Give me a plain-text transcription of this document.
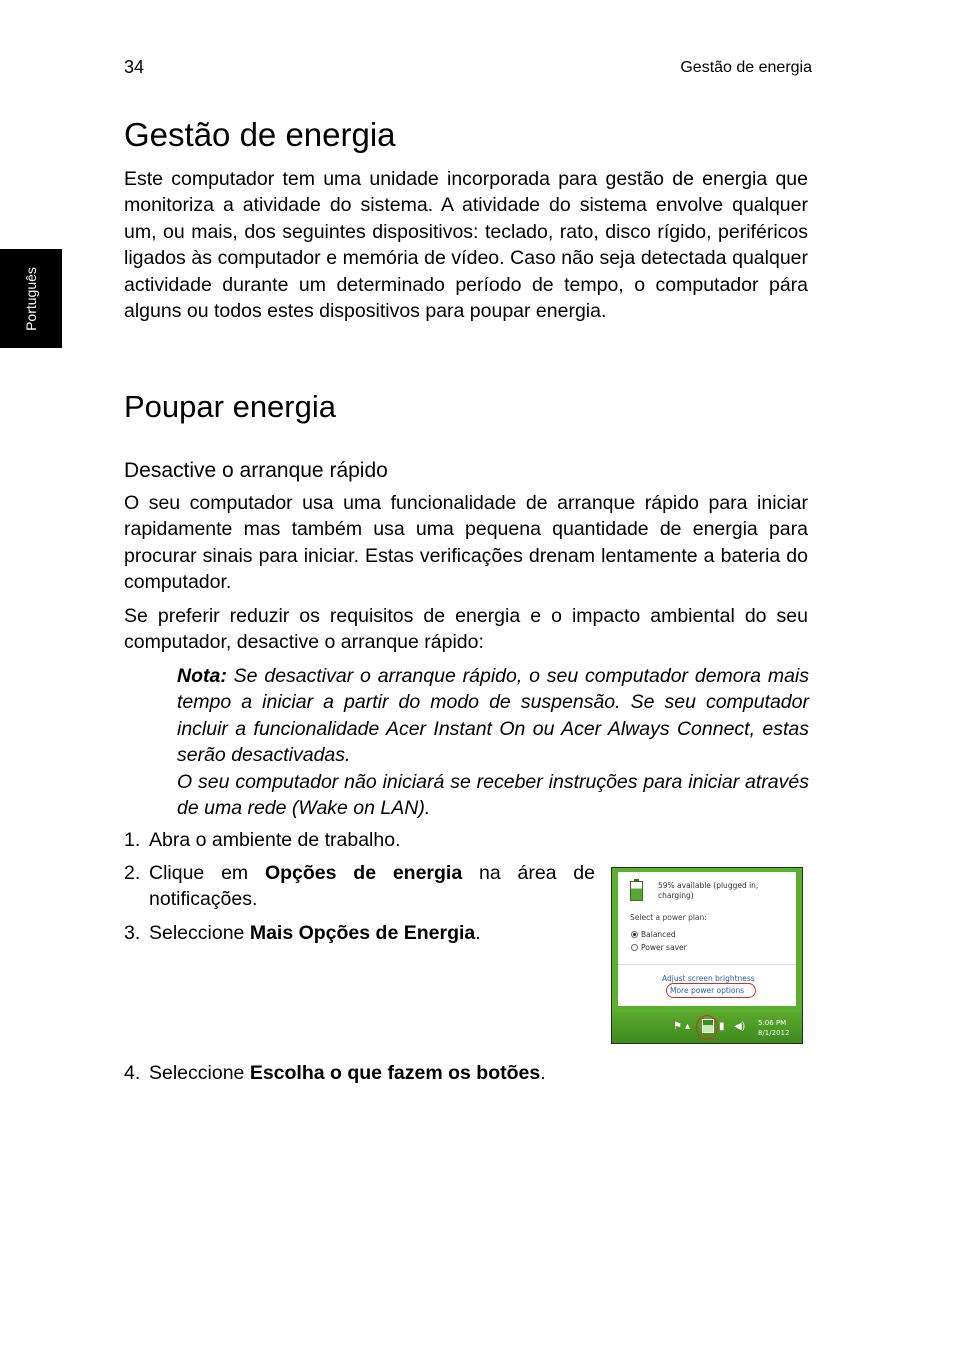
34	Gestão de energia
Português
Gestão de energia

Este computador tem uma unidade incorporada para gestão de energia que monitoriza a atividade do sistema. A atividade do sistema envolve qualquer um, ou mais, dos seguintes dispositivos: teclado, rato, disco rígido, periféricos ligados às computador e memória de vídeo. Caso não seja detectada qualquer actividade durante um determinado período de tempo, o computador pára alguns ou todos estes dispositivos para poupar energia.

Poupar energia
Desactive o arranque rápido

O seu computador usa uma funcionalidade de arranque rápido para iniciar rapidamente mas também usa uma pequena quantidade de energia para procurar sinais para iniciar. Estas verificações drenam lentamente a bateria do computador.

Se preferir reduzir os requisitos de energia e o impacto ambiental do seu computador, desactive o arranque rápido:

Nota: Se desactivar o arranque rápido, o seu computador demora mais tempo a iniciar a partir do modo de suspensão. Se seu computador incluir a funcionalidade Acer Instant On ou Acer Always Connect, estas serão desactivadas.

O seu computador não iniciará se receber instruções para iniciar através de uma rede (Wake on LAN).

1. Abra o ambiente de trabalho.
2. Clique em Opções de energia na área de notificações.
3. Seleccione Mais Opções de Energia.
4. Seleccione Escolha o que fazem os botões.
59% available (plugged in, charging)
Select a power plan:
Balanced
Power saver
Adjust screen brightness
More power options
▴
⚑	▮ ◀) 5:06 PM
8/1/2012
